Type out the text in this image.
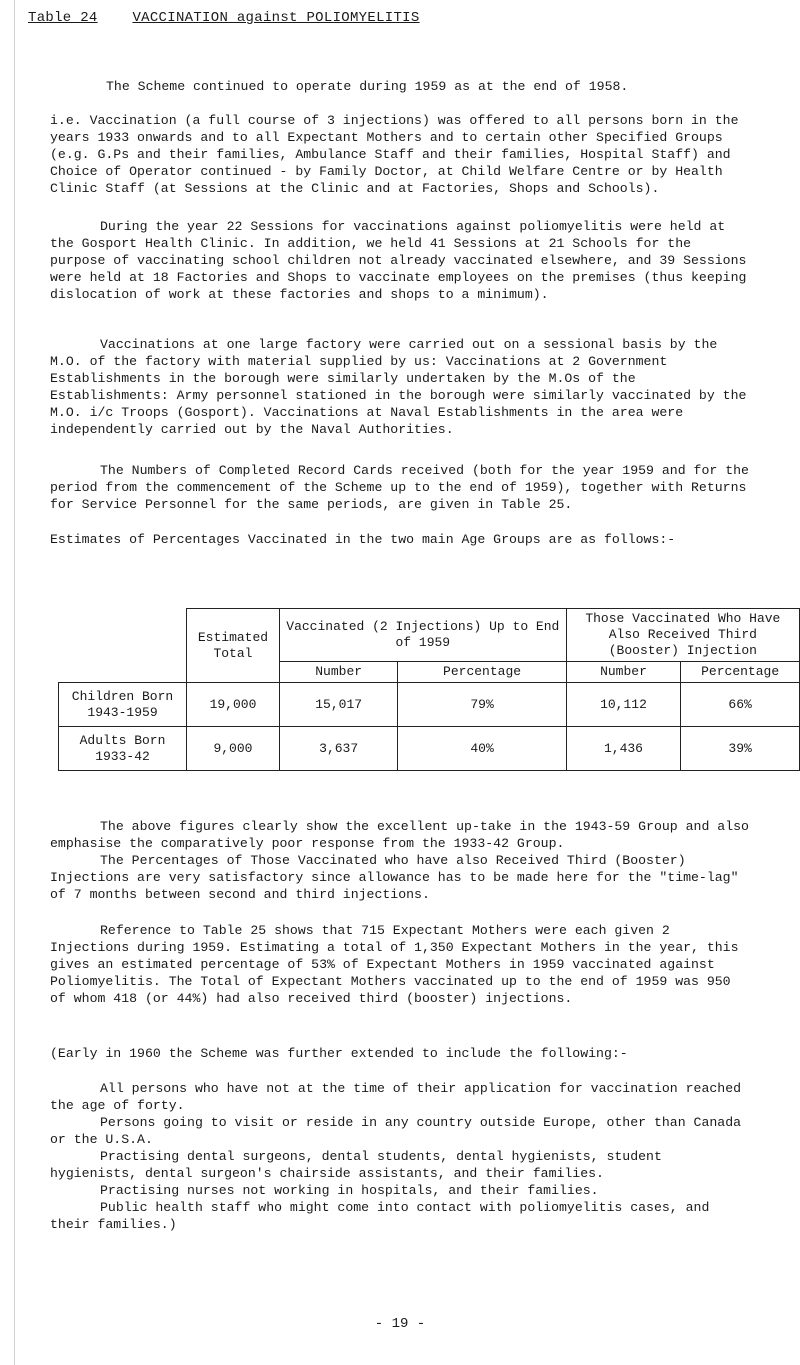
Table 24 VACCINATION against POLIOMYELITIS
The Scheme continued to operate during 1959 as at the end of 1958.
i.e. Vaccination (a full course of 3 injections) was offered to all persons born in the years 1933 onwards and to all Expectant Mothers and to certain other Specified Groups (e.g. G.Ps and their families, Ambulance Staff and their families, Hospital Staff) and Choice of Operator continued - by Family Doctor, at Child Welfare Centre or by Health Clinic Staff (at Sessions at the Clinic and at Factories, Shops and Schools).
During the year 22 Sessions for vaccinations against poliomyelitis were held at the Gosport Health Clinic. In addition, we held 41 Sessions at 21 Schools for the purpose of vaccinating school children not already vaccinated elsewhere, and 39 Sessions were held at 18 Factories and Shops to vaccinate employees on the premises (thus keeping dislocation of work at these factories and shops to a minimum).
Vaccinations at one large factory were carried out on a sessional basis by the M.O. of the factory with material supplied by us: Vaccinations at 2 Government Establishments in the borough were similarly undertaken by the M.Os of the Establishments: Army personnel stationed in the borough were similarly vaccinated by the M.O. i/c Troops (Gosport). Vaccinations at Naval Establishments in the area were independently carried out by the Naval Authorities.
The Numbers of Completed Record Cards received (both for the year 1959 and for the period from the commencement of the Scheme up to the end of 1959), together with Returns for Service Personnel for the same periods, are given in Table 25.
Estimates of Percentages Vaccinated in the two main Age Groups are as follows:-
	Estimated Total	Vaccinated (2 Injections) Up to End of 1959		Those Vaccinated Who Have Also Received Third (Booster) Injection	
		Number	Percentage	Number	Percentage
Children Born 1943-1959	19,000	15,017	79%	10,112	66%
Adults Born 1933-42	9,000	3,637	40%	1,436	39%
The above figures clearly show the excellent up-take in the 1943-59 Group and also emphasise the comparatively poor response from the 1933-42 Group.
The Percentages of Those Vaccinated who have also Received Third (Booster) Injections are very satisfactory since allowance has to be made here for the "time-lag" of 7 months between second and third injections.
Reference to Table 25 shows that 715 Expectant Mothers were each given 2 Injections during 1959. Estimating a total of 1,350 Expectant Mothers in the year, this gives an estimated percentage of 53% of Expectant Mothers in 1959 vaccinated against Poliomyelitis. The Total of Expectant Mothers vaccinated up to the end of 1959 was 950 of whom 418 (or 44%) had also received third (booster) injections.
(Early in 1960 the Scheme was further extended to include the following:-
All persons who have not at the time of their application for vaccination reached the age of forty.
Persons going to visit or reside in any country outside Europe, other than Canada or the U.S.A.
Practising dental surgeons, dental students, dental hygienists, student hygienists, dental surgeon's chairside assistants, and their families.
Practising nurses not working in hospitals, and their families.
Public health staff who might come into contact with poliomyelitis cases, and their families.)
- 19 -
